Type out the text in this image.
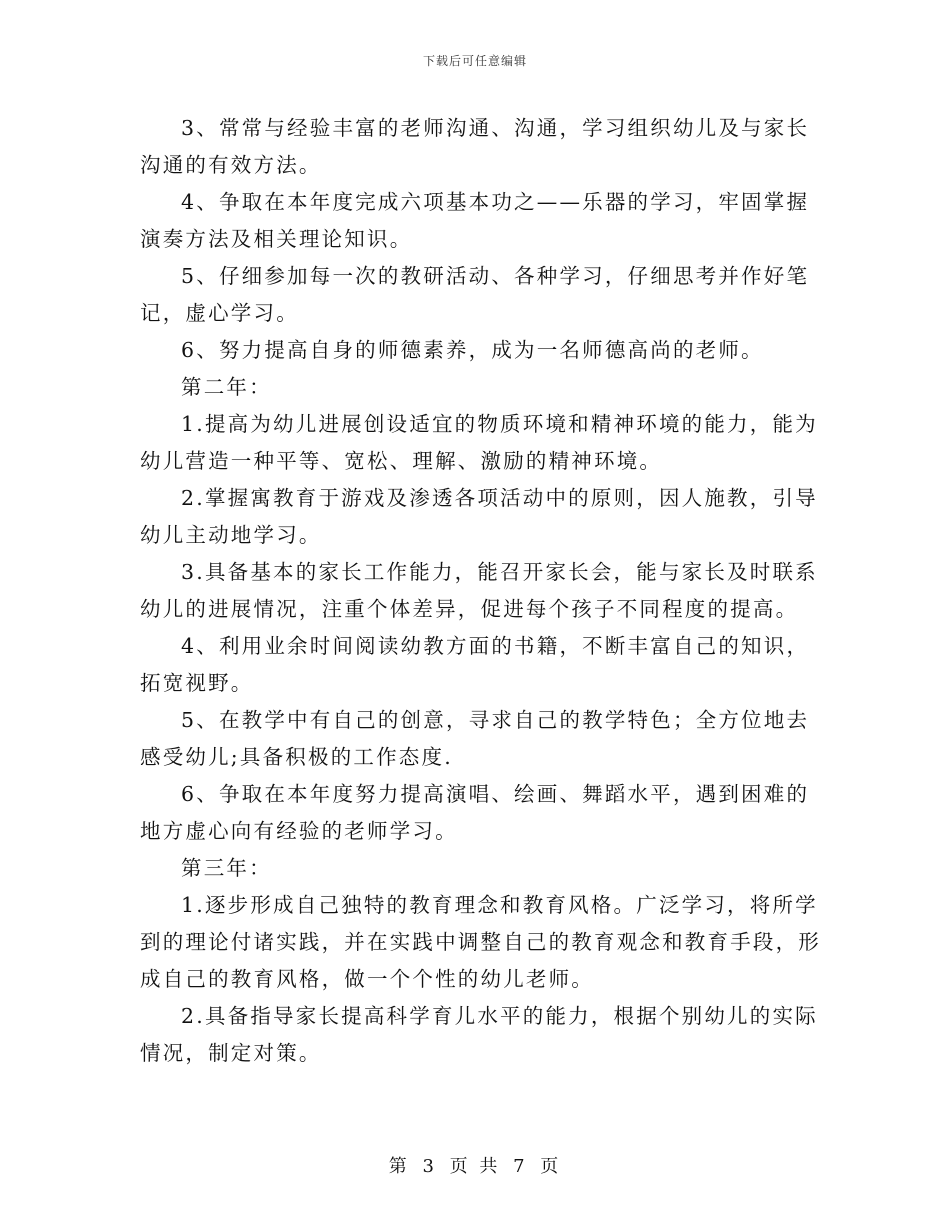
下载后可任意编辑

3、常常与经验丰富的老师沟通、沟通，学习组织幼儿及与家长沟通的有效方法。

4、争取在本年度完成六项基本功之——乐器的学习，牢固掌握演奏方法及相关理论知识。

5、仔细参加每一次的教研活动、各种学习，仔细思考并作好笔记，虚心学习。

6、努力提高自身的师德素养，成为一名师德高尚的老师。

第二年：

1.提高为幼儿进展创设适宜的物质环境和精神环境的能力，能为幼儿营造一种平等、宽松、理解、激励的精神环境。

2.掌握寓教育于游戏及渗透各项活动中的原则，因人施教，引导幼儿主动地学习。

3.具备基本的家长工作能力，能召开家长会，能与家长及时联系幼儿的进展情况，注重个体差异，促进每个孩子不同程度的提高。

4、利用业余时间阅读幼教方面的书籍，不断丰富自己的知识，拓宽视野。

5、在教学中有自己的创意，寻求自己的教学特色；全方位地去感受幼儿;具备积极的工作态度.

6、争取在本年度努力提高演唱、绘画、舞蹈水平，遇到困难的地方虚心向有经验的老师学习。

第三年：

1.逐步形成自己独特的教育理念和教育风格。广泛学习，将所学到的理论付诸实践，并在实践中调整自己的教育观念和教育手段，形成自己的教育风格，做一个个性的幼儿老师。

2.具备指导家长提高科学育儿水平的能力，根据个别幼儿的实际情况，制定对策。

第 3 页 共 7 页
